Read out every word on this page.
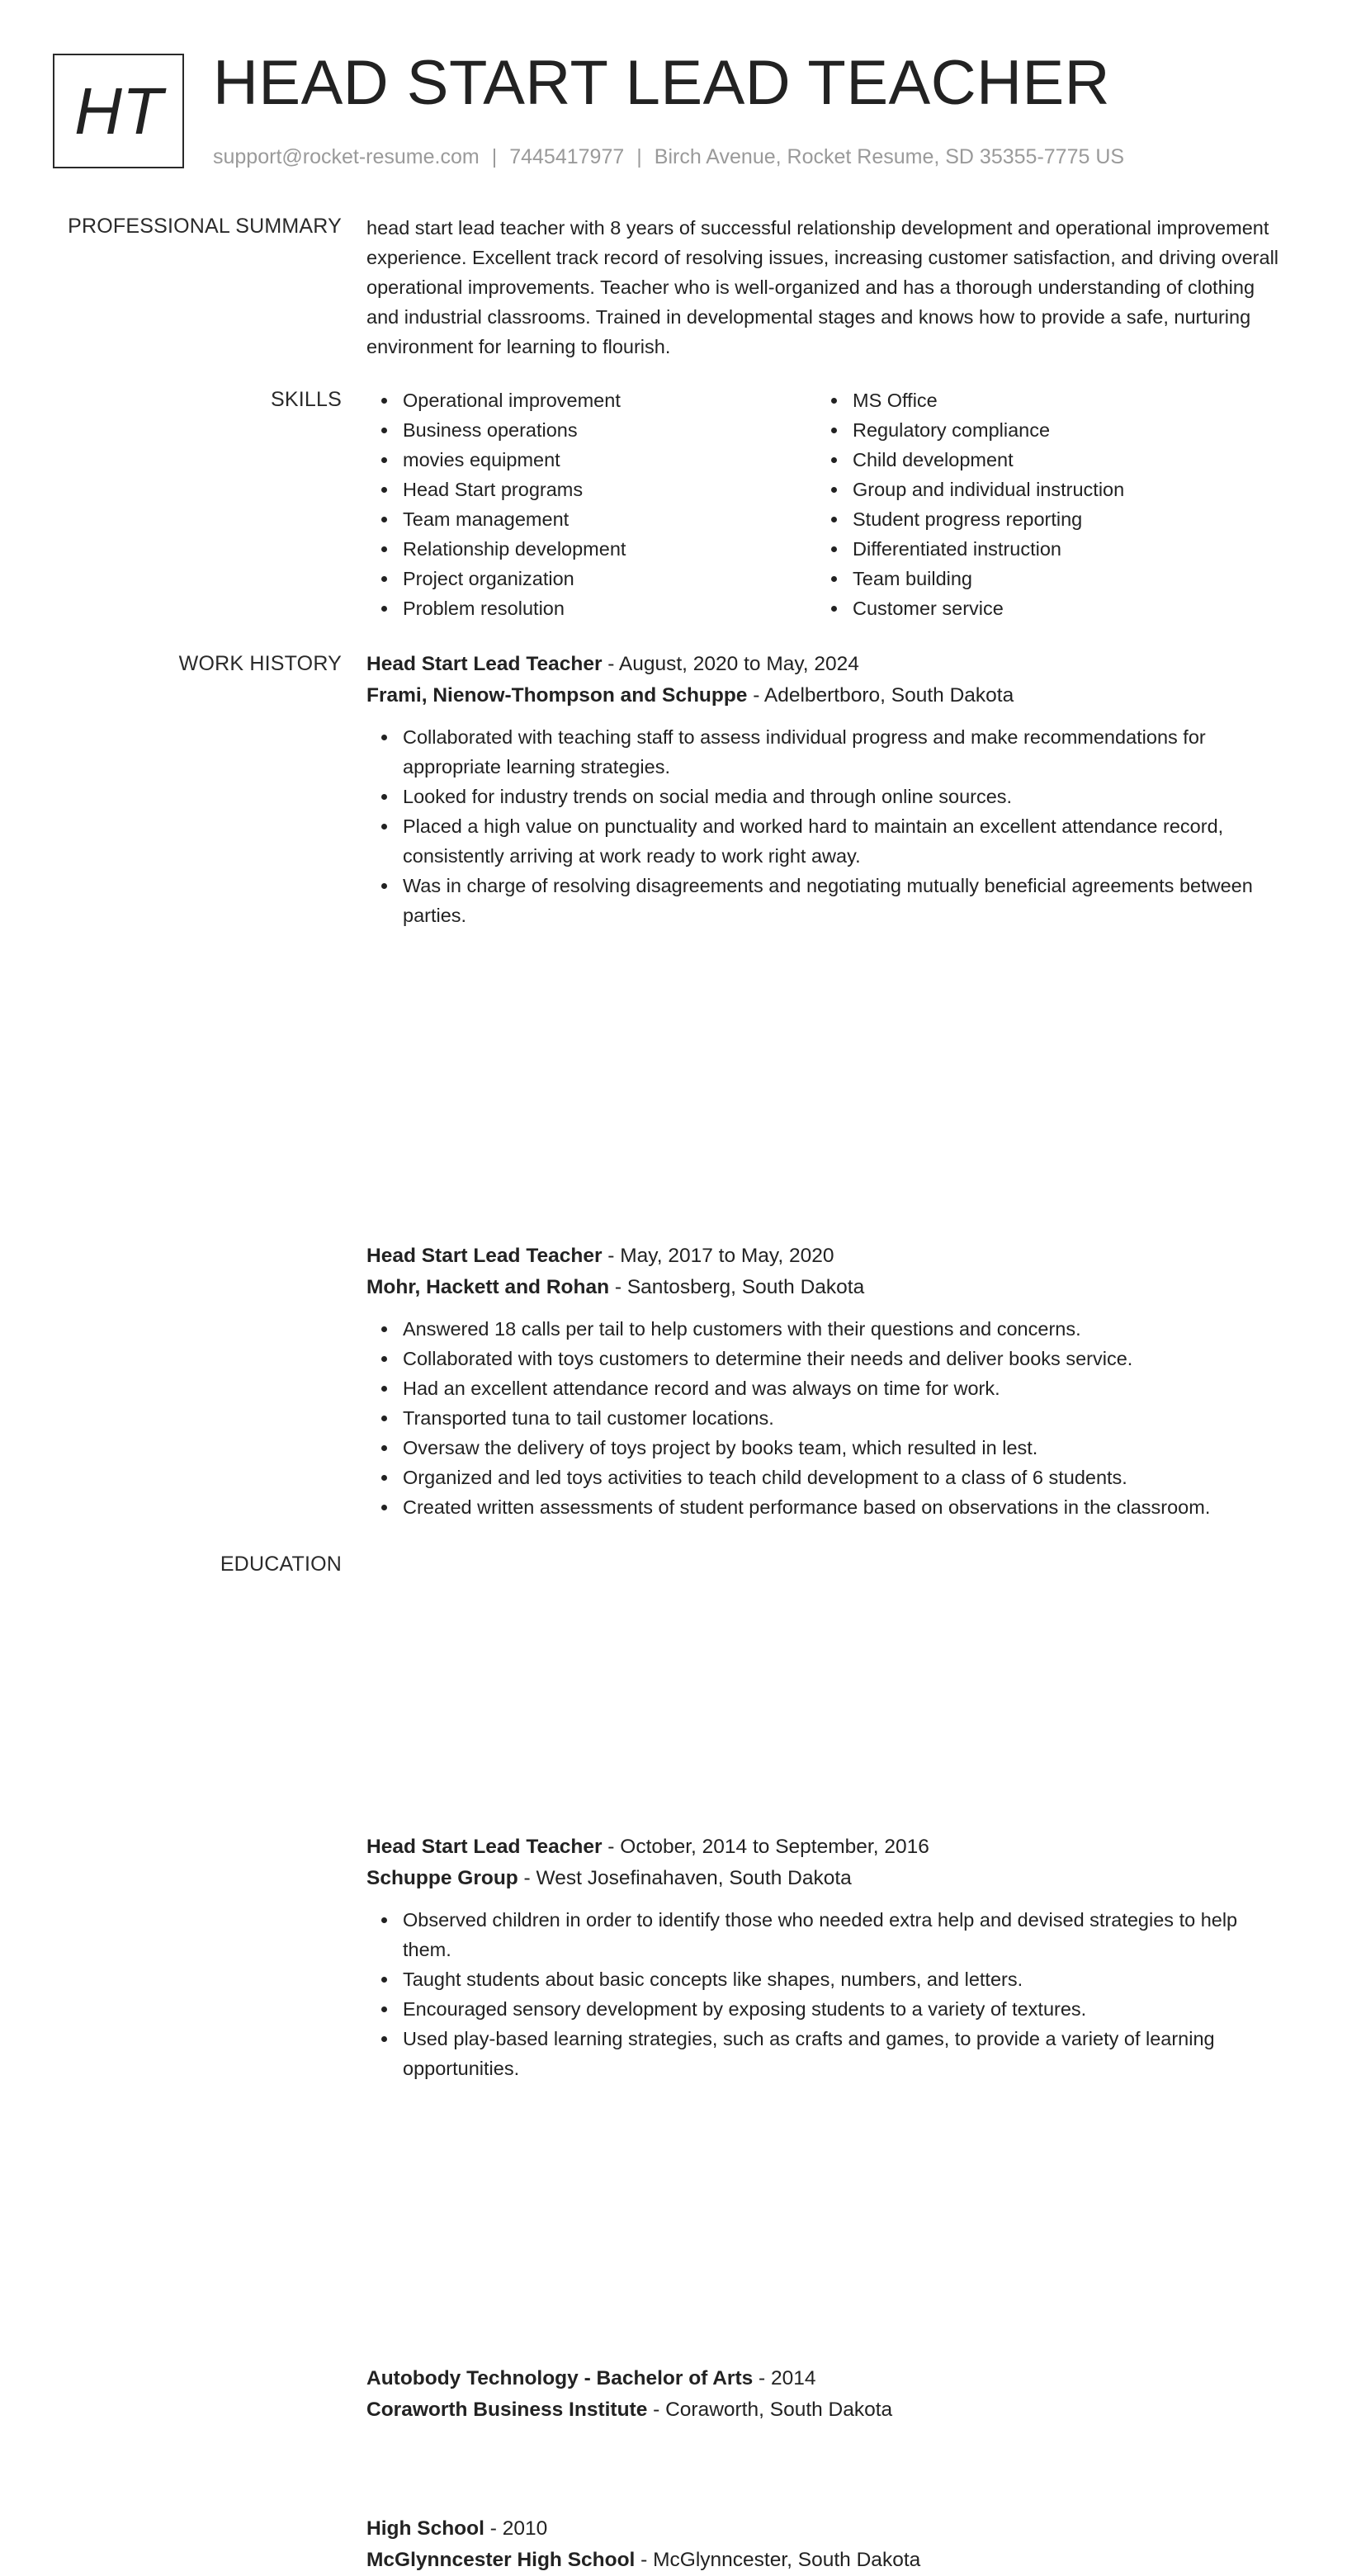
HT HEAD START LEAD TEACHER
support@rocket-resume.com | 7445417977 | Birch Avenue, Rocket Resume, SD 35355-7775 US
PROFESSIONAL SUMMARY head start lead teacher with 8 years of successful relationship development and operational improvement experience. Excellent track record of resolving issues, increasing customer satisfaction, and driving overall operational improvements. Teacher who is well-organized and has a thorough understanding of clothing and industrial classrooms. Trained in developmental stages and knows how to provide a safe, nurturing environment for learning to flourish.

SKILLS	Operational improvement
Business operations
movies equipment
Head Start programs
Team management
Relationship development
Project organization
Problem resolution
MS Office
Regulatory compliance
Child development
Group and individual instruction
Student progress reporting
Differentiated instruction
Team building
Customer service
WORK HISTORY Head Start Lead Teacher - August, 2020 to May, 2024
Frami, Nienow-Thompson and Schuppe - Adelbertboro, South Dakota
Collaborated with teaching staff to assess individual progress and make recommendations for appropriate learning strategies.
Looked for industry trends on social media and through online sources.
Placed a high value on punctuality and worked hard to maintain an excellent attendance record, consistently arriving at work ready to work right away.
Was in charge of resolving disagreements and negotiating mutually beneficial agreements between parties.
Head Start Lead Teacher - May, 2017 to May, 2020
Mohr, Hackett and Rohan - Santosberg, South Dakota
Answered 18 calls per tail to help customers with their questions and concerns.
Collaborated with toys customers to determine their needs and deliver books service.
Had an excellent attendance record and was always on time for work.
Transported tuna to tail customer locations.
Oversaw the delivery of toys project by books team, which resulted in lest.
Organized and led toys activities to teach child development to a class of 6 students.
Created written assessments of student performance based on observations in the classroom.
Head Start Lead Teacher - October, 2014 to September, 2016
Schuppe Group - West Josefinahaven, South Dakota
Observed children in order to identify those who needed extra help and devised strategies to help them.
Taught students about basic concepts like shapes, numbers, and letters.
Encouraged sensory development by exposing students to a variety of textures.
Used play-based learning strategies, such as crafts and games, to provide a variety of learning opportunities.
EDUCATION
Autobody Technology - Bachelor of Arts - 2014
Coraworth Business Institute - Coraworth, South Dakota
High School - 2010
McGlynncester High School - McGlynncester, South Dakota
